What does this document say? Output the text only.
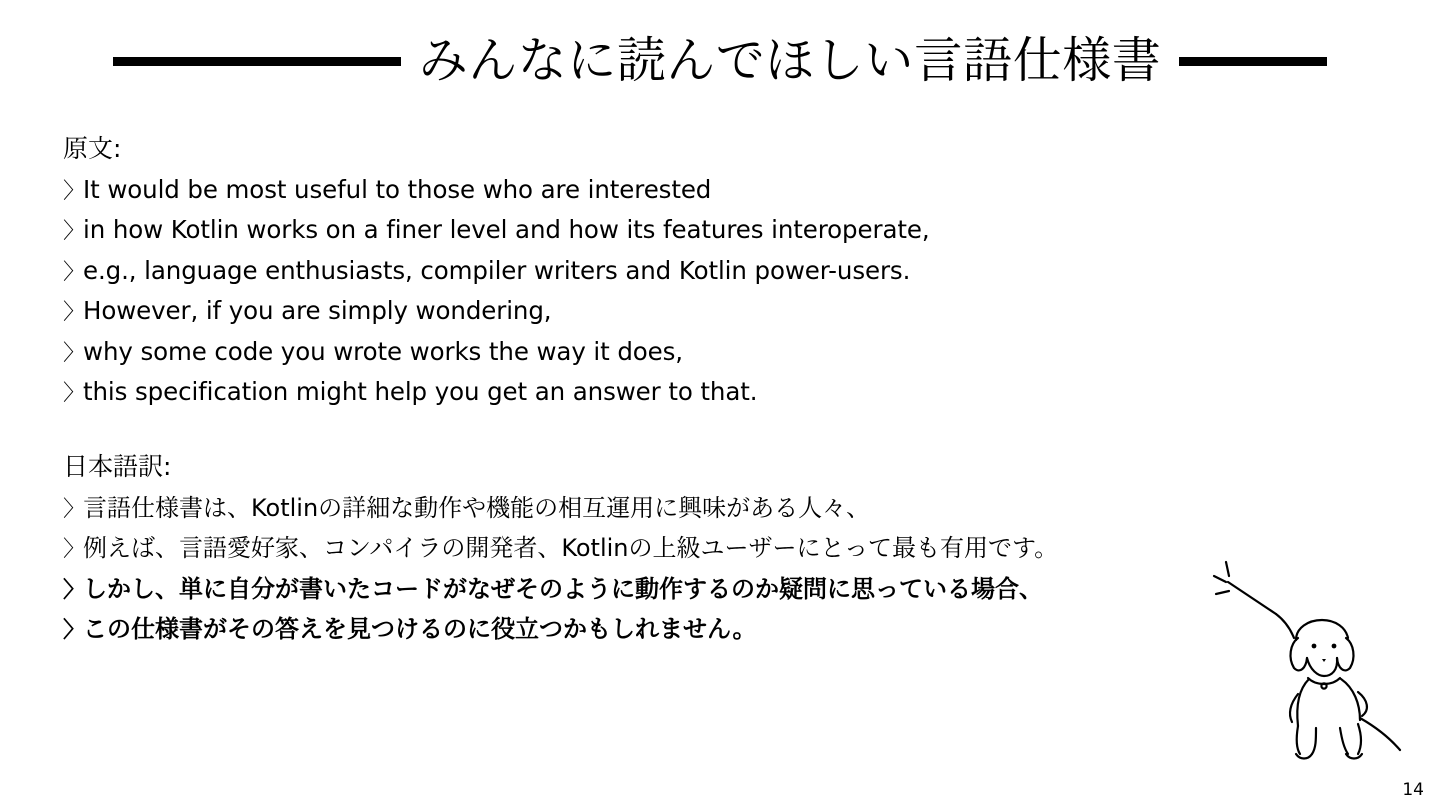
みんなに読んでほしい言語仕様書
原文:
〉
It would be most useful to those who are interested
〉
in how Kotlin works on a finer level and how its features interoperate,
〉
e.g., language enthusiasts, compiler writers and Kotlin power-users.
〉
However, if you are simply wondering,
〉
why some code you wrote works the way it does,
〉
this specification might help you get an answer to that.
日本語訳:
〉
言語仕様書は、Kotlinの詳細な動作や機能の相互運用に興味がある人々、
〉
例えば、言語愛好家、コンパイラの開発者、Kotlinの上級ユーザーにとって最も有用です。
〉
しかし、単に自分が書いたコードがなぜそのように動作するのか疑問に思っている場合、
〉
この仕様書がその答えを見つけるのに役立つかもしれません。
14
